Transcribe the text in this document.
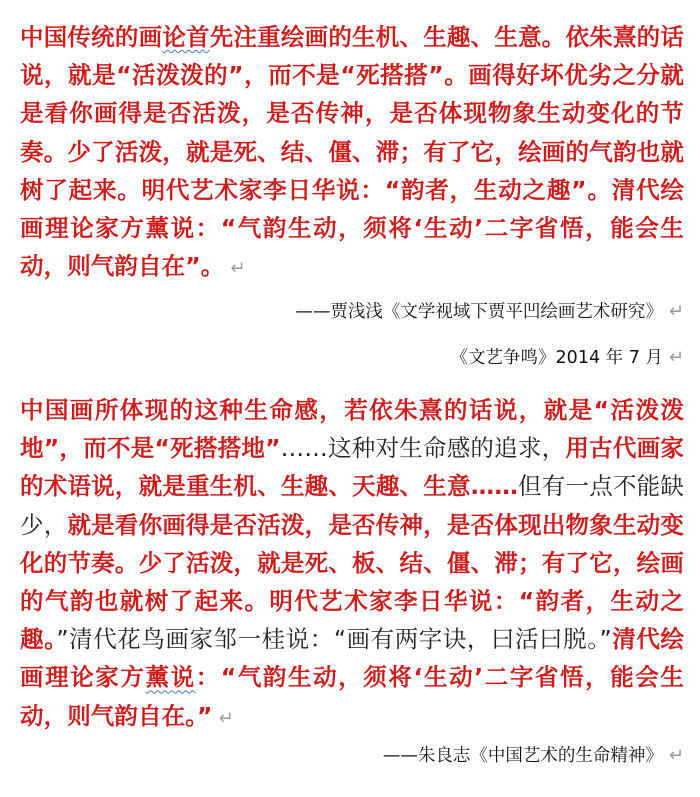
中国传统的画论首先注重绘画的生机、生趣、生意。依朱熹的话说，就是“活泼泼的”，而不是“死搭搭”。画得好坏优劣之分就是看你画得是否活泼，是否传神，是否体现物象生动变化的节奏。少了活泼，就是死、结、僵、滞；有了它，绘画的气韵也就树了起来。明代艺术家李日华说：“韵者，生动之趣”。清代绘画理论家方薰说：“气韵生动，须将‘生动’二字省悟，能会生动，则气韵自在”。 ↵

——贾浅浅《文学视域下贾平凹绘画艺术研究》 ↵

《文艺争鸣》2014 年 7 月 ↵

中国画所体现的这种生命感，若依朱熹的话说，就是“活泼泼地”，而不是“死搭搭地”……这种对生命感的追求，用古代画家的术语说，就是重生机、生趣、天趣、生意……但有一点不能缺少，就是看你画得是否活泼，是否传神，是否体现出物象生动变化的节奏。少了活泼，就是死、板、结、僵、滞；有了它，绘画的气韵也就树了起来。明代艺术家李日华说：“韵者，生动之趣。”清代花鸟画家邹一桂说：“画有两字诀，曰活曰脱。”清代绘画理论家方薰说：“气韵生动，须将‘生动’二字省悟，能会生动，则气韵自在。” ↵

——朱良志《中国艺术的生命精神》 ↵
